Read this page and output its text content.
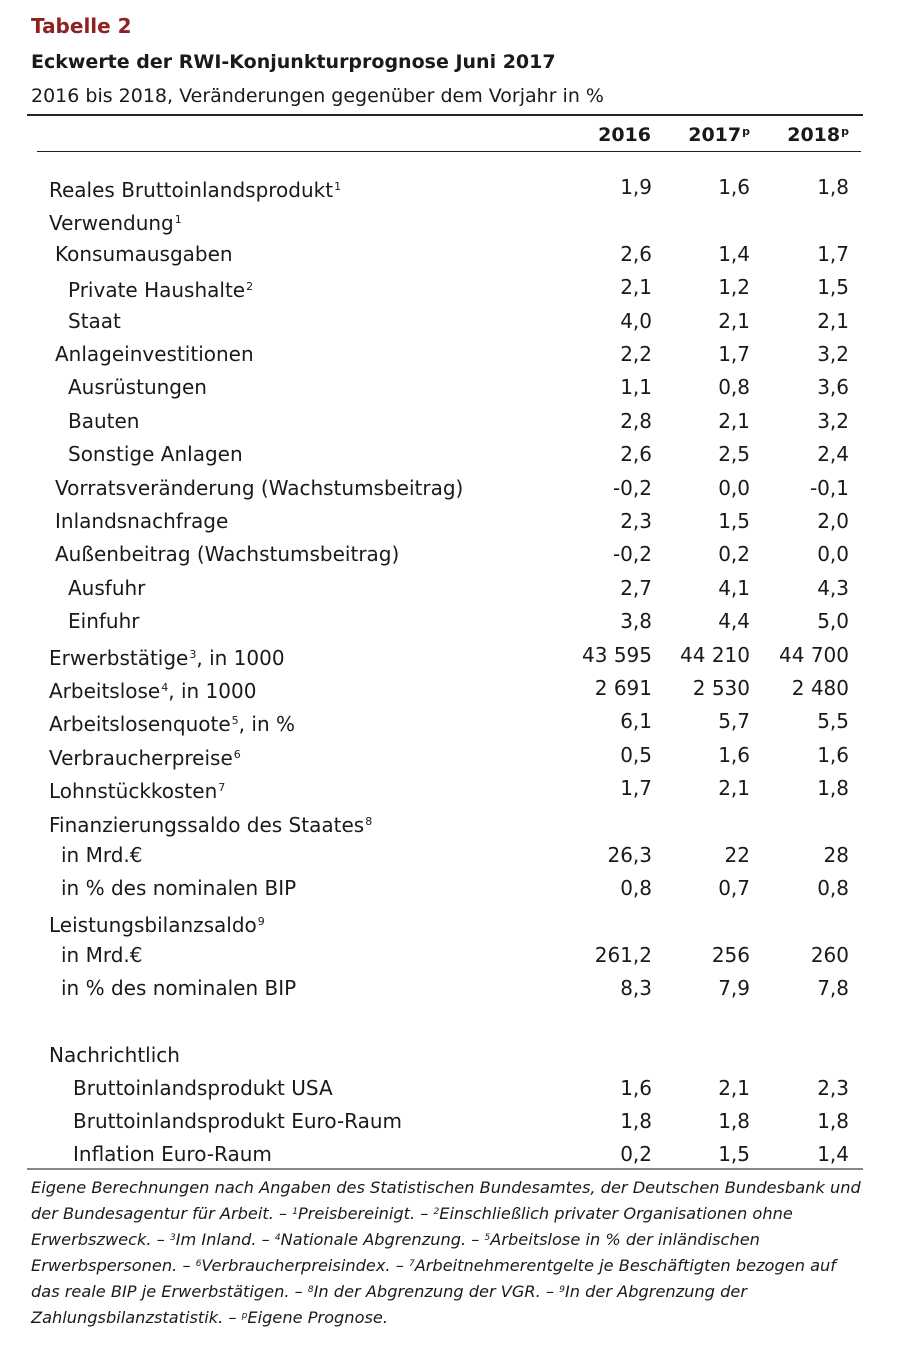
Tabelle 2
Eckwerte der RWI-Konjunkturprognose Juni 2017
2016 bis 2018, Veränderungen gegenüber dem Vorjahr in %
2016	2017$^p$	2018$^p$
Reales Bruttoinlandsprodukt$^1$	1,9	1,6	1,8
Verwendung$^1$
Konsumausgaben	2,6	1,4	1,7
Private Haushalte$^2$	2,1	1,2	1,5
Staat	4,0	2,1	2,1
Anlageinvestitionen	2,2	1,7	3,2
Ausrüstungen	1,1	0,8	3,6
Bauten	2,8	2,1	3,2
Sonstige Anlagen	2,6	2,5	2,4
Vorratsveränderung (Wachstumsbeitrag)	-0,2	0,0	-0,1
Inlandsnachfrage	2,3	1,5	2,0
Außenbeitrag (Wachstumsbeitrag)	-0,2	0,2	0,0
Ausfuhr	2,7	4,1	4,3
Einfuhr	3,8	4,4	5,0
Erwerbstätige$^3$, in 1000	43 595	44 210	44 700
Arbeitslose$^4$, in 1000	2 691	2 530	2 480
Arbeitslosenquote$^5$, in %	6,1	5,7	5,5
Verbraucherpreise$^6$	0,5	1,6	1,6
Lohnstückkosten$^7$	1,7	2,1	1,8
Finanzierungssaldo des Staates$^8$
in Mrd.€	26,3	22	28
in % des nominalen BIP	0,8	0,7	0,8
Leistungsbilanzsaldo$^9$
in Mrd.€	261,2	256	260
in % des nominalen BIP	8,3	7,9	7,8
Nachrichtlich
Bruttoinlandsprodukt USA	1,6	2,1	2,3
Bruttoinlandsprodukt Euro-Raum	1,8	1,8	1,8
Inflation Euro-Raum	0,2	1,5	1,4
Eigene Berechnungen nach Angaben des Statistischen Bundesamtes, der Deutschen Bundesbank und der Bundesagentur für Arbeit. – $^1$Preisbereinigt. – $^2$Einschließlich privater Organisationen ohne Erwerbszweck. – $^3$Im Inland. – $^4$Nationale Abgrenzung. – $^5$Arbeitslose in % der inländischen Erwerbspersonen. – $^6$Verbraucherpreisindex. – $^7$Arbeitnehmerentgelte je Beschäftigten bezogen auf das reale BIP je Erwerbstätigen. – $^8$In der Abgrenzung der VGR. – $^9$In der Abgrenzung der Zahlungsbilanzstatistik. – $^p$Eigene Prognose.
